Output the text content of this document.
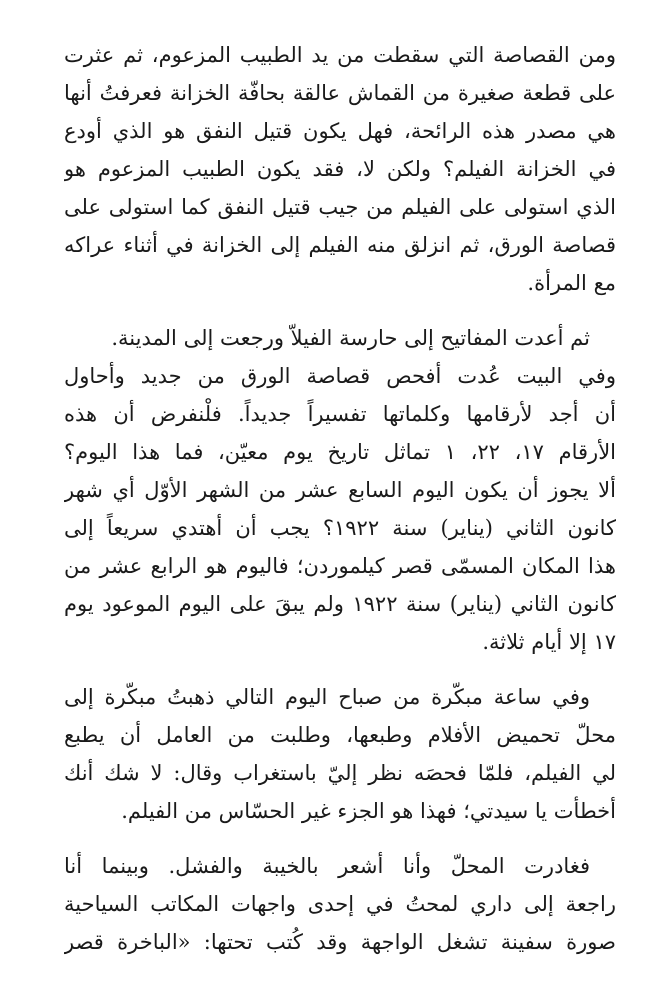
ومن القصاصة التي سقطت من يد الطبيب المزعوم، ثم عثرت
على قطعة صغيرة من القماش عالقة بحافّة الخزانة فعرفتُ أنها
هي مصدر هذه الرائحة، فهل يكون قتيل النفق هو الذي أودع
في الخزانة الفيلم؟ ولكن لا، فقد يكون الطبيب المزعوم هو
الذي استولى على الفيلم من جيب قتيل النفق كما استولى على
قصاصة الورق، ثم انزلق منه الفيلم إلى الخزانة في أثناء عراكه
مع المرأة.

ثم أعدت المفاتيح إلى حارسة الفيلاّ ورجعت إلى المدينة.
وفي البيت عُدت أفحص قصاصة الورق من جديد وأحاول
أن أجد لأرقامها وكلماتها تفسيراً جديداً. فلْنفرض أن هذه
الأرقام ١٧، ٢٢، ١ تماثل تاريخ يوم معيّن، فما هذا اليوم؟
ألا يجوز أن يكون اليوم السابع عشر من الشهر الأوّل أي شهر
كانون الثاني (يناير) سنة ١٩٢٢؟ يجب أن أهتدي سريعاً إلى
هذا المكان المسمّى قصر كيلموردن؛ فاليوم هو الرابع عشر من
كانون الثاني (يناير) سنة ١٩٢٢ ولم يبقَ على اليوم الموعود يوم
١٧ إلا أيام ثلاثة.

وفي ساعة مبكّرة من صباح اليوم التالي ذهبتُ مبكّرة إلى
محلّ تحميض الأفلام وطبعها، وطلبت من العامل أن يطبع
لي الفيلم، فلمّا فحصَه نظر إليّ باستغراب وقال: لا شك أنك
أخطأت يا سيدتي؛ فهذا هو الجزء غير الحسّاس من الفيلم.

فغادرت المحلّ وأنا أشعر بالخيبة والفشل. وبينما أنا
راجعة إلى داري لمحتُ في إحدى واجهات المكاتب السياحية
صورة سفينة تشغل الواجهة وقد كُتب تحتها: «الباخرة قصر
